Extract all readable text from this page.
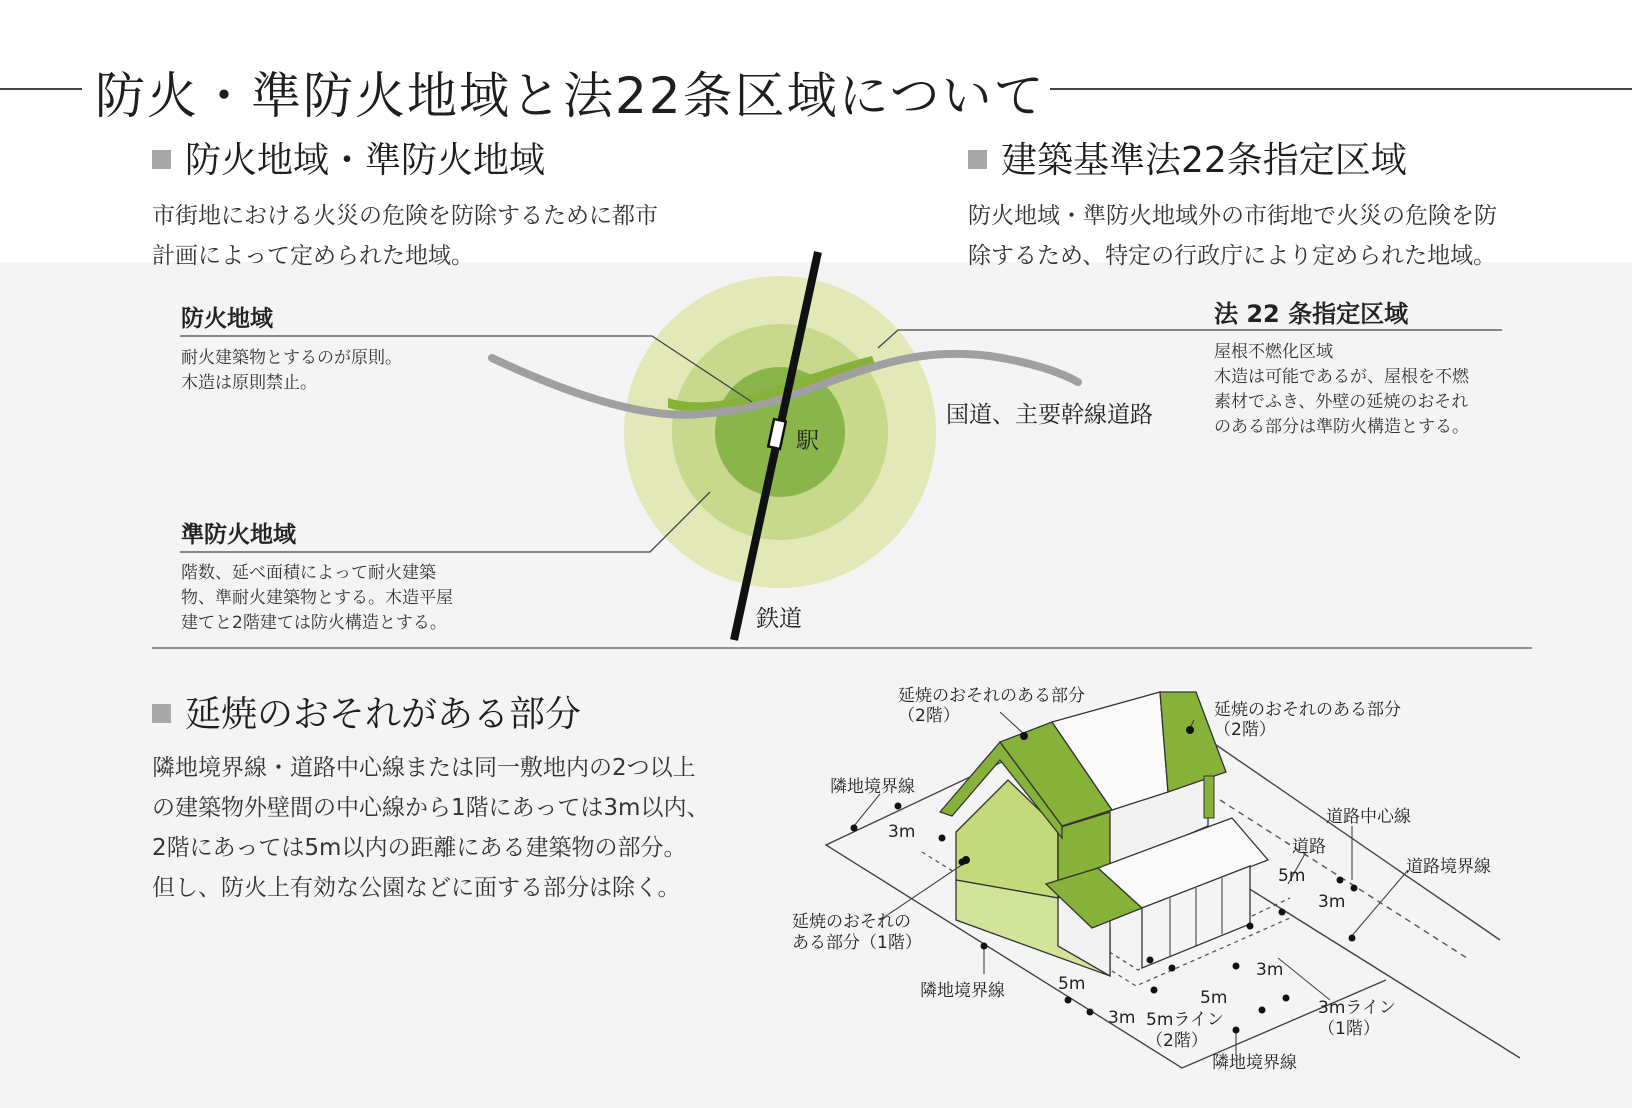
防火・準防火地域と法22条区域について
防火地域・準防火地域
市街地における火災の危険を防除するために都市
計画によって定められた地域。
建築基準法22条指定区域
防火地域・準防火地域外の市街地で火災の危険を防
除するため、特定の行政庁により定められた地域。
防火地域
耐火建築物とするのが原則。
木造は原則禁止。
準防火地域
階数、延べ面積によって耐火建築
物、準耐火建築物とする。木造平屋
建てと2階建ては防火構造とする。
法 22 条指定区域
屋根不燃化区域
木造は可能であるが、屋根を不燃
素材でふき、外壁の延焼のおそれ
のある部分は準防火構造とする。
国道、主要幹線道路
駅
鉄道
延焼のおそれがある部分
隣地境界線・道路中心線または同一敷地内の2つ以上
の建築物外壁間の中心線から1階にあっては3m以内、
2階にあっては5m以内の距離にある建築物の部分。
但し、防火上有効な公園などに面する部分は除く。
延焼のおそれのある部分
（2階）	延焼のおそれのある部分
（2階）
隣地境界線
3m
延焼のおそれの
ある部分（1階）
隣地境界線	5m
3m 5mライン
（2階）
5m
3m
隣地境界線
3mライン
（1階）
道路中心線
道路
道路境界線
5m
3m
